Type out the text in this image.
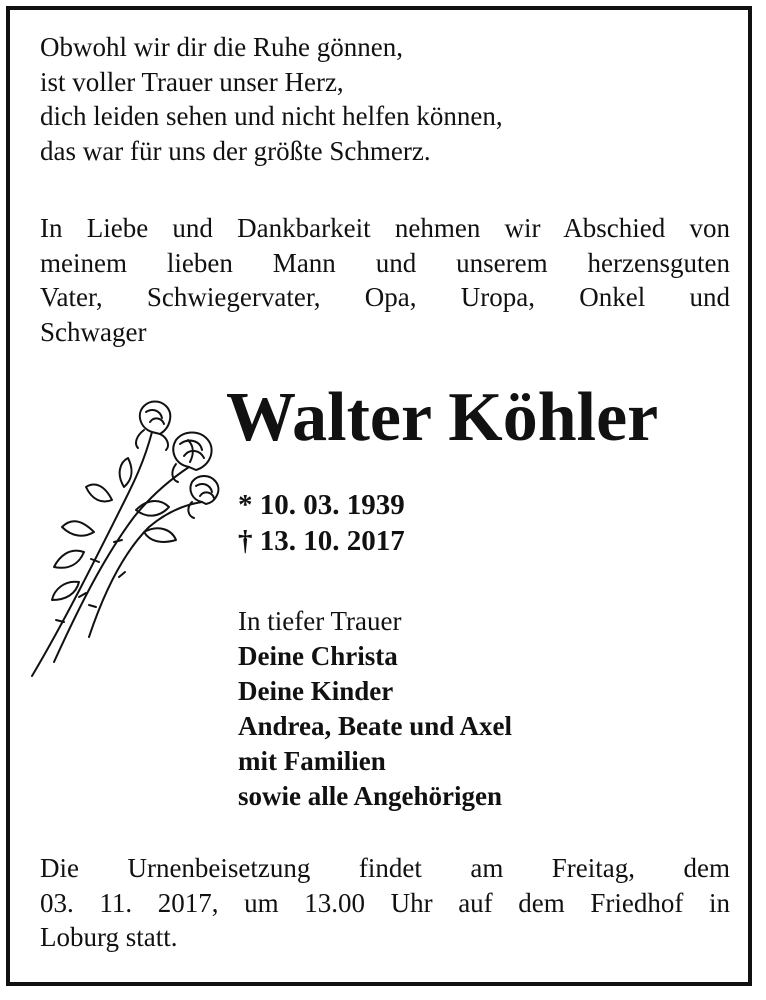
Obwohl wir dir die Ruhe gönnen,
ist voller Trauer unser Herz,
dich leiden sehen und nicht helfen können,
das war für uns der größte Schmerz.
In Liebe und Dankbarkeit nehmen wir Abschied von
meinem lieben Mann und unserem herzensguten
Vater, Schwiegervater, Opa, Uropa, Onkel und
Schwager
Walter Köhler
* 10. 03. 1939
† 13. 10. 2017
In tiefer Trauer
Deine Christa
Deine Kinder
Andrea, Beate und Axel
mit Familien
sowie alle Angehörigen
Die Urnenbeisetzung findet am Freitag, dem
03. 11. 2017, um 13.00 Uhr auf dem Friedhof in
Loburg statt.
